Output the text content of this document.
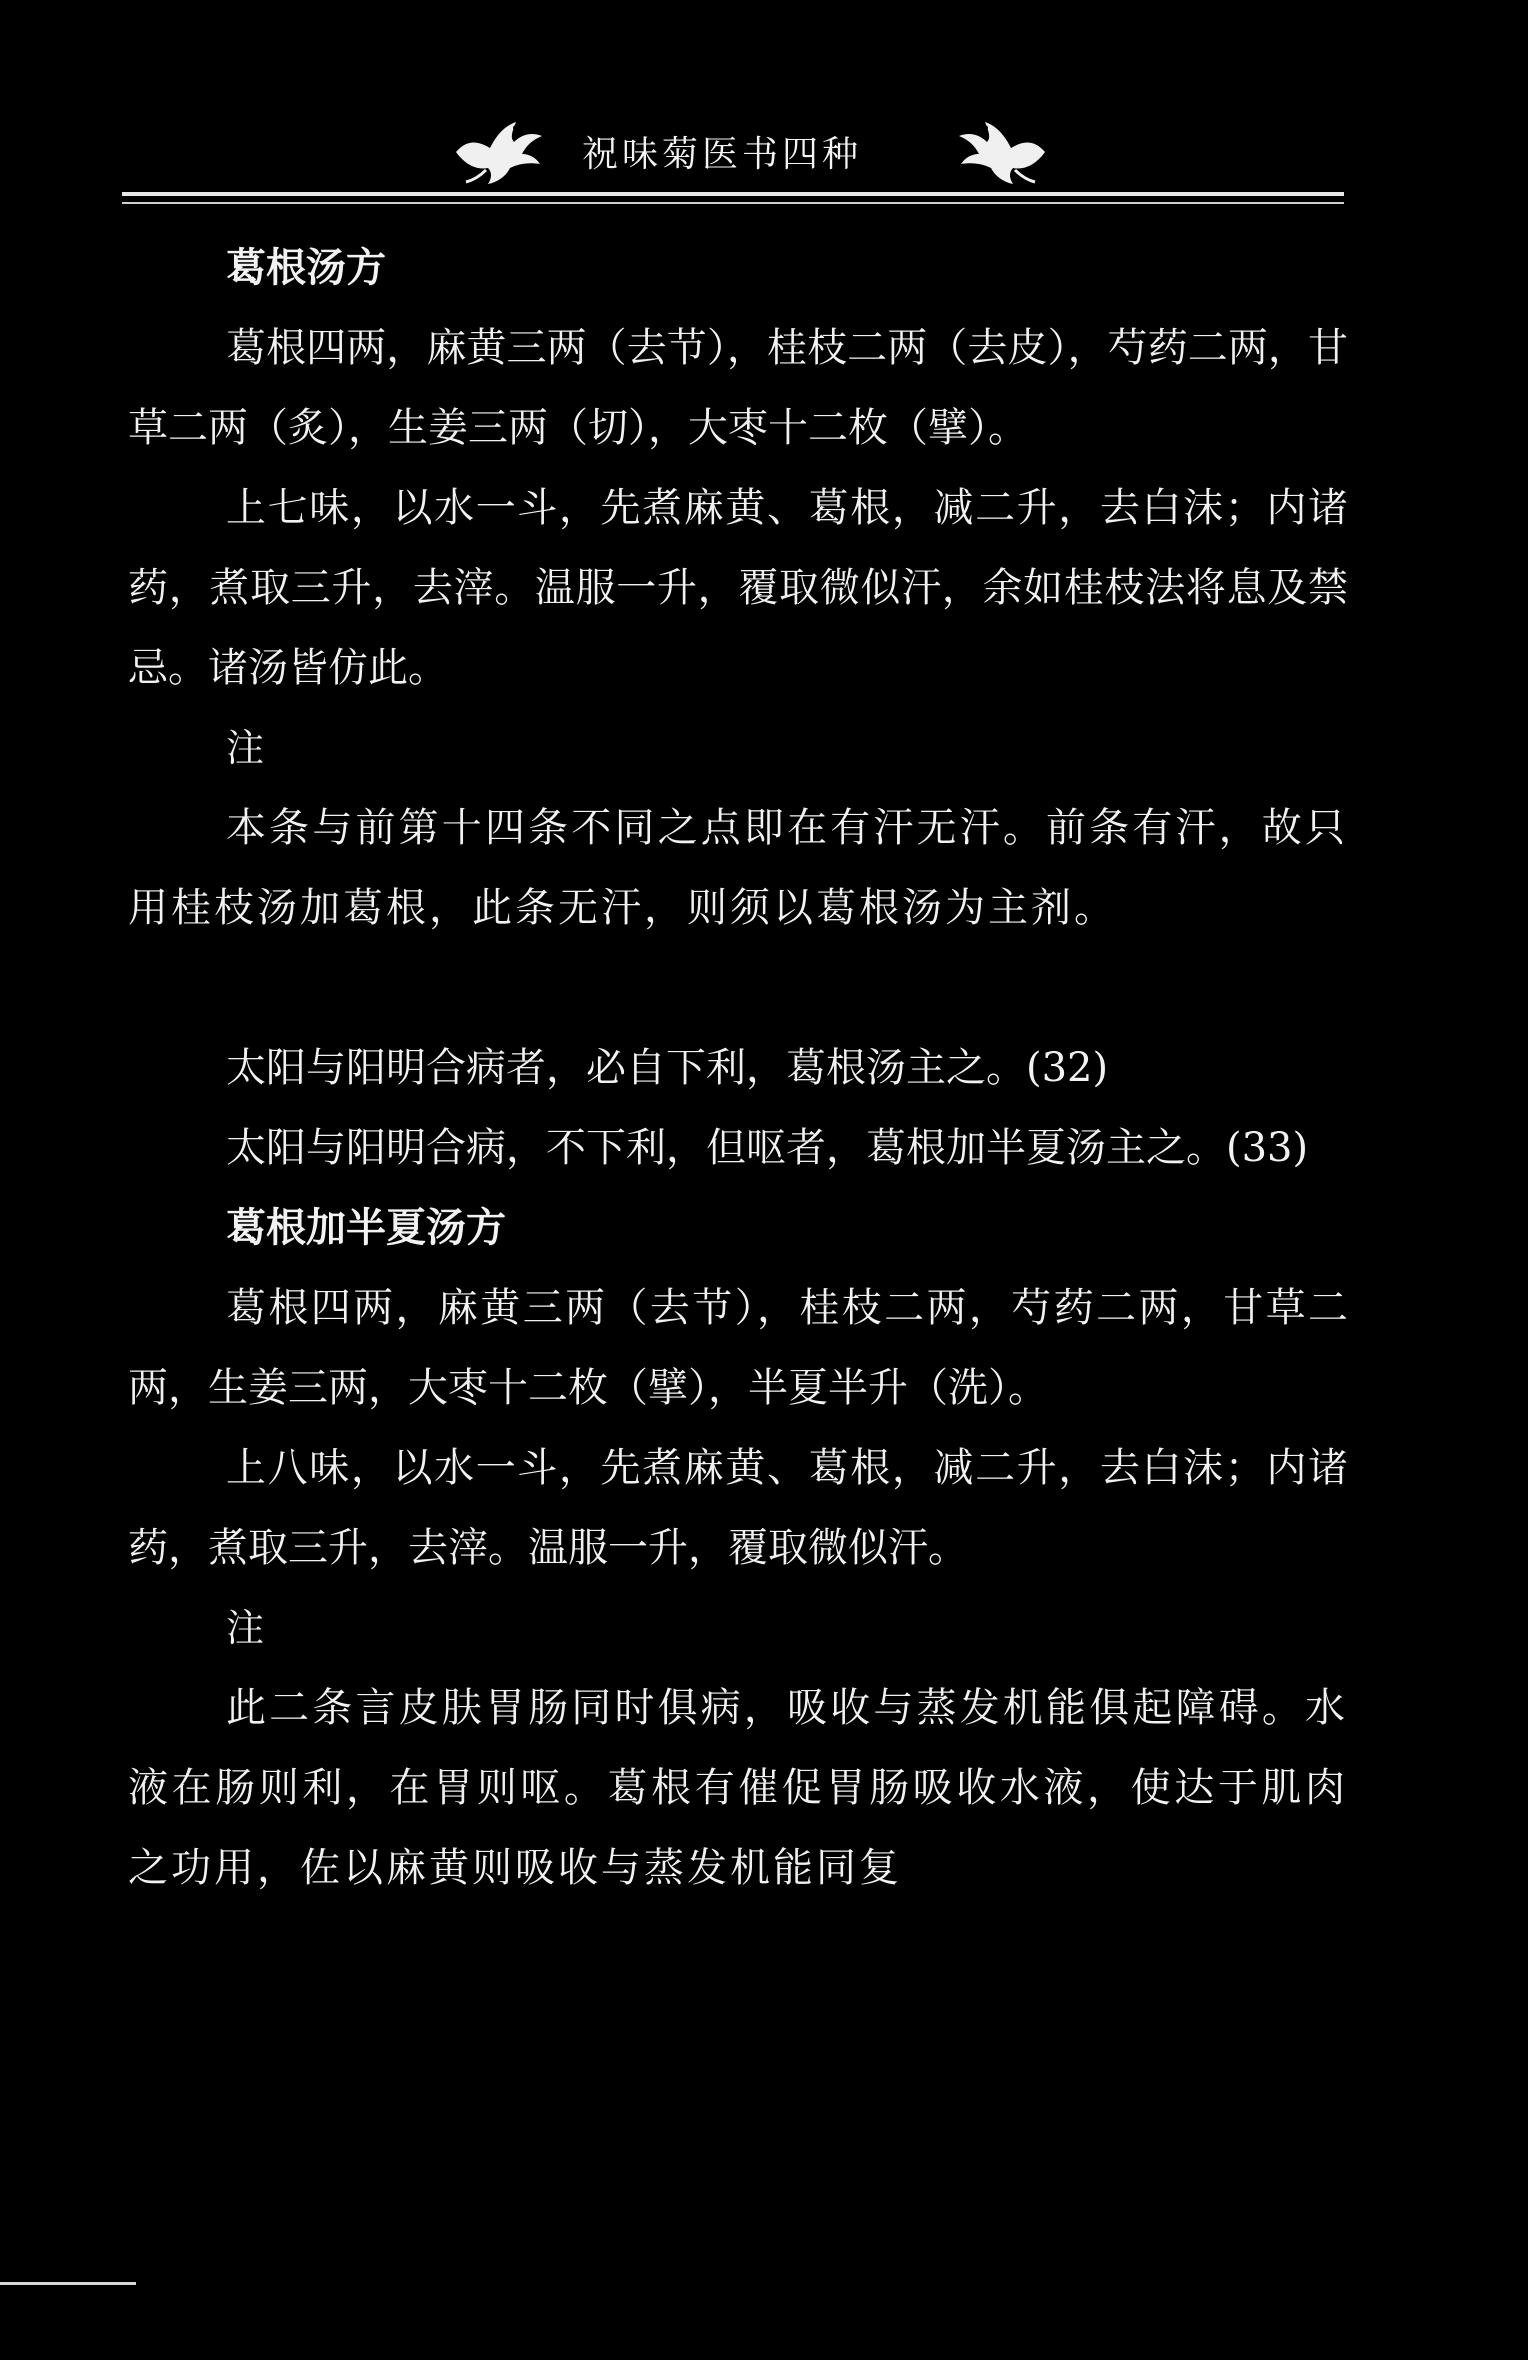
祝味菊医书四种

葛根汤方

葛根四两，麻黄三两（去节），桂枝二两（去皮），芍药二两，甘草二两（炙），生姜三两（切），大枣十二枚（擘）。

上七味，以水一斗，先煮麻黄、葛根，减二升，去白沫；内诸药，煮取三升，去滓。温服一升，覆取微似汗，余如桂枝法将息及禁忌。诸汤皆仿此。

注

本条与前第十四条不同之点即在有汗无汗。前条有汗，故只用桂枝汤加葛根，此条无汗，则须以葛根汤为主剂。

太阳与阳明合病者，必自下利，葛根汤主之。(32)

太阳与阳明合病，不下利，但呕者，葛根加半夏汤主之。(33)

葛根加半夏汤方

葛根四两，麻黄三两（去节），桂枝二两，芍药二两，甘草二两，生姜三两，大枣十二枚（擘），半夏半升（洗）。

上八味，以水一斗，先煮麻黄、葛根，减二升，去白沫；内诸药，煮取三升，去滓。温服一升，覆取微似汗。

注

此二条言皮肤胃肠同时俱病，吸收与蒸发机能俱起障碍。水液在肠则利，在胃则呕。葛根有催促胃肠吸收水液，使达于肌肉之功用，佐以麻黄则吸收与蒸发机能同复
